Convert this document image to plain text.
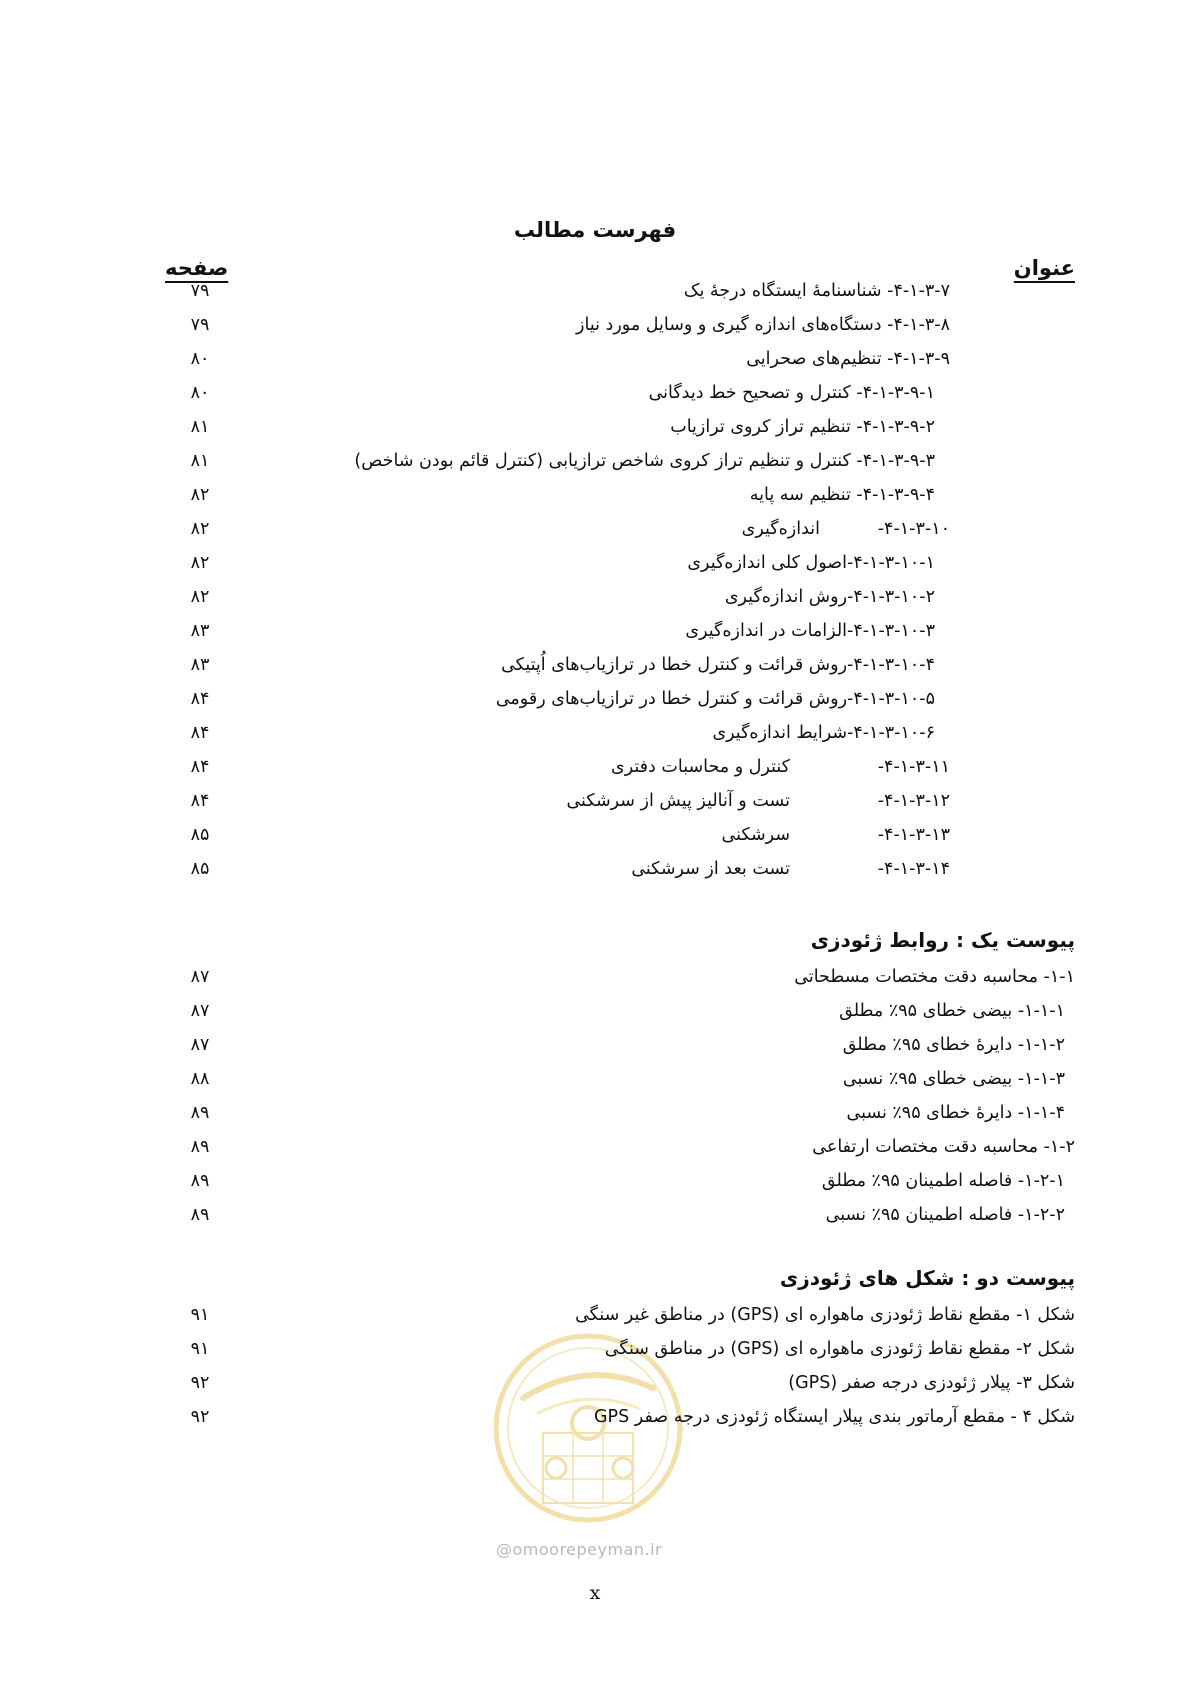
فهرست مطالب
عنوان
صفحه
۴-۱-۳-۷- شناسنامۀ ایستگاه درجۀ یک
۷۹
۴-۱-۳-۸- دستگاه‌های اندازه گیری و وسایل مورد نیاز
۷۹
۴-۱-۳-۹- تنظیم‌های صحرایی
۸۰
۴-۱-۳-۹-۱- کنترل و تصحیح خط دیدگانی
۸۰
۴-۱-۳-۹-۲- تنظیم تراز کروی ترازیاب
۸۱
۴-۱-۳-۹-۳- کنترل و تنظیم تراز کروی شاخص ترازیابی (کنترل قائم بودن شاخص)
۸۱
۴-۱-۳-۹-۴- تنظیم سه پایه
۸۲
۴-۱-۳-۱۰-
اندازه‌گیری
۸۲
۴-۱-۳-۱۰-۱-اصول کلی اندازه‌گیری
۸۲
۴-۱-۳-۱۰-۲-روش اندازه‌گیری
۸۲
۴-۱-۳-۱۰-۳-الزامات در اندازه‌گیری
۸۳
۴-۱-۳-۱۰-۴-روش قرائت و کنترل خطا در ترازیاب‌های اُپتیکی
۸۳
۴-۱-۳-۱۰-۵-روش قرائت و کنترل خطا در ترازیاب‌های رقومی
۸۴
۴-۱-۳-۱۰-۶-شرایط اندازه‌گیری
۸۴
۴-۱-۳-۱۱-
کنترل و محاسبات دفتری
۸۴
۴-۱-۳-۱۲-
تست و آنالیز پیش از سرشکنی
۸۴
۴-۱-۳-۱۳-
سرشکنی
۸۵
۴-۱-۳-۱۴-
تست بعد از سرشکنی
۸۵
پیوست یک : روابط ژئودزی
۱-۱- محاسبه دقت مختصات مسطحاتی
۸۷
۱-۱-۱- بیضی خطای ۹۵٪ مطلق
۸۷
۱-۱-۲- دایرۀ خطای ۹۵٪ مطلق
۸۷
۱-۱-۳- بیضی خطای ۹۵٪ نسبی
۸۸
۱-۱-۴- دایرۀ خطای ۹۵٪ نسبی
۸۹
۱-۲- محاسبه دقت مختصات ارتفاعی
۸۹
۱-۲-۱- فاصله اطمینان ۹۵٪ مطلق
۸۹
۱-۲-۲- فاصله اطمینان ۹۵٪ نسبی
۸۹
@omoorepeyman.ir
پیوست دو : شکل های ژئودزی
شکل ۱- مقطع نقاط ژئودزی ماهواره ای (GPS) در مناطق غیر سنگی
۹۱
شکل ۲- مقطع نقاط ژئودزی ماهواره ای (GPS) در مناطق سنگی
۹۱
شکل ۳- پیلار ژئودزی درجه صفر (GPS)
۹۲
شکل ۴ - مقطع آرماتور بندی پیلار ایستگاه ژئودزی درجه صفر GPS
۹۲
x
